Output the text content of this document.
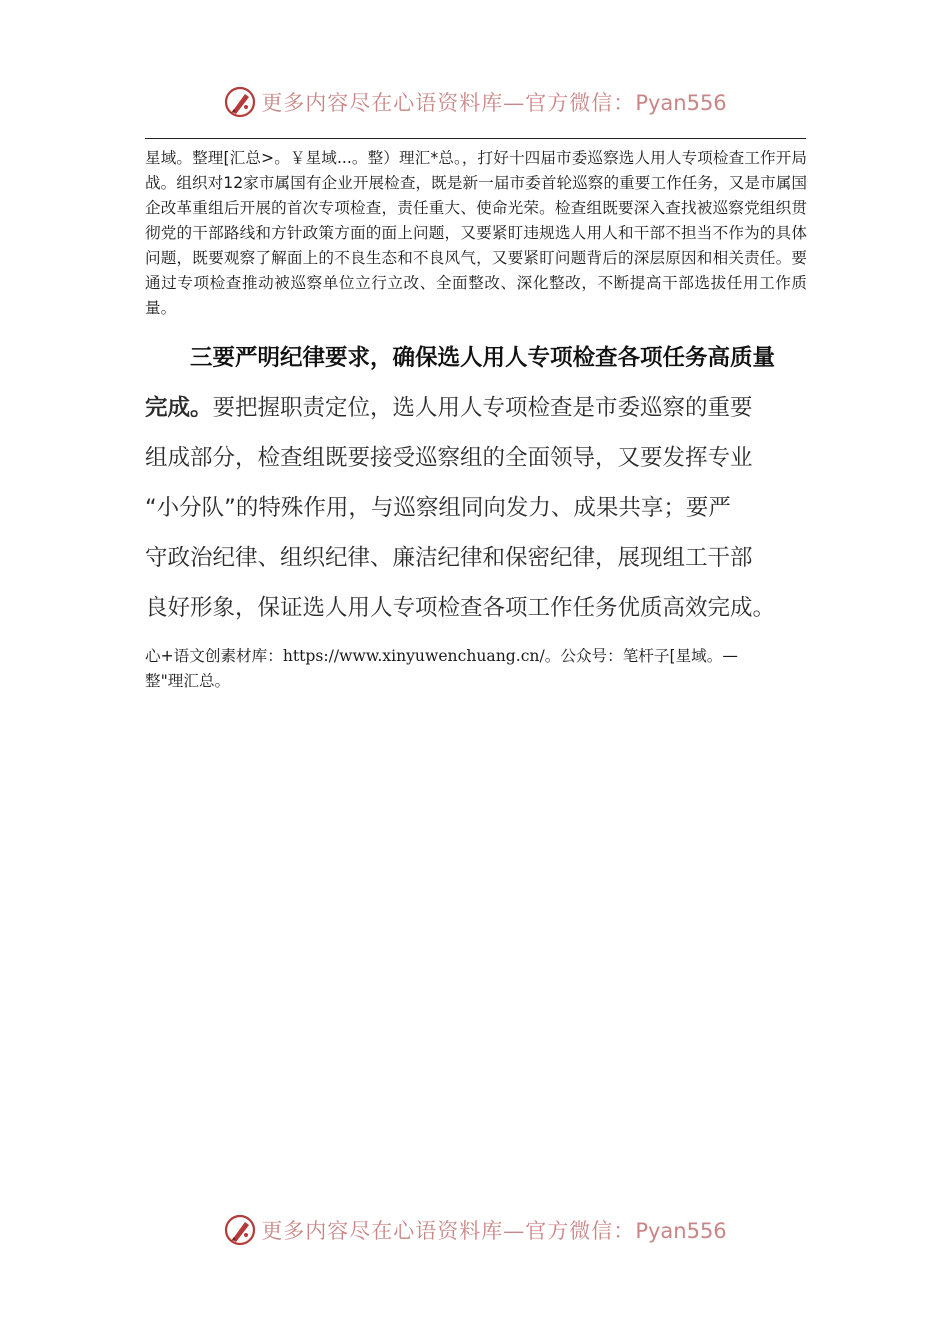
更多内容尽在心语资料库—官方微信：Pyan556

星域。整理[汇总>。￥星域...。整）理汇*总。，打好十四届市委巡察选人用人专项检查工作开局战。组织对12家市属国有企业开展检查，既是新一届市委首轮巡察的重要工作任务，又是市属国企改革重组后开展的首次专项检查，责任重大、使命光荣。检查组既要深入查找被巡察党组织贯彻党的干部路线和方针政策方面的面上问题，又要紧盯违规选人用人和干部不担当不作为的具体问题，既要观察了解面上的不良生态和不良风气，又要紧盯问题背后的深层原因和相关责任。要通过专项检查推动被巡察单位立行立改、全面整改、深化整改，不断提高干部选拔任用工作质量。

三要严明纪律要求，确保选人用人专项检查各项任务高质量
完成。要把握职责定位，选人用人专项检查是市委巡察的重要
组成部分，检查组既要接受巡察组的全面领导，又要发挥专业
“小分队”的特殊作用，与巡察组同向发力、成果共享；要严
守政治纪律、组织纪律、廉洁纪律和保密纪律，展现组工干部
良好形象，保证选人用人专项检查各项工作任务优质高效完成。
心+语文创素材库：https://www.xinyuwenchuang.cn/。公众号：笔杆子[星域。—
整"理汇总。
更多内容尽在心语资料库—官方微信：Pyan556
